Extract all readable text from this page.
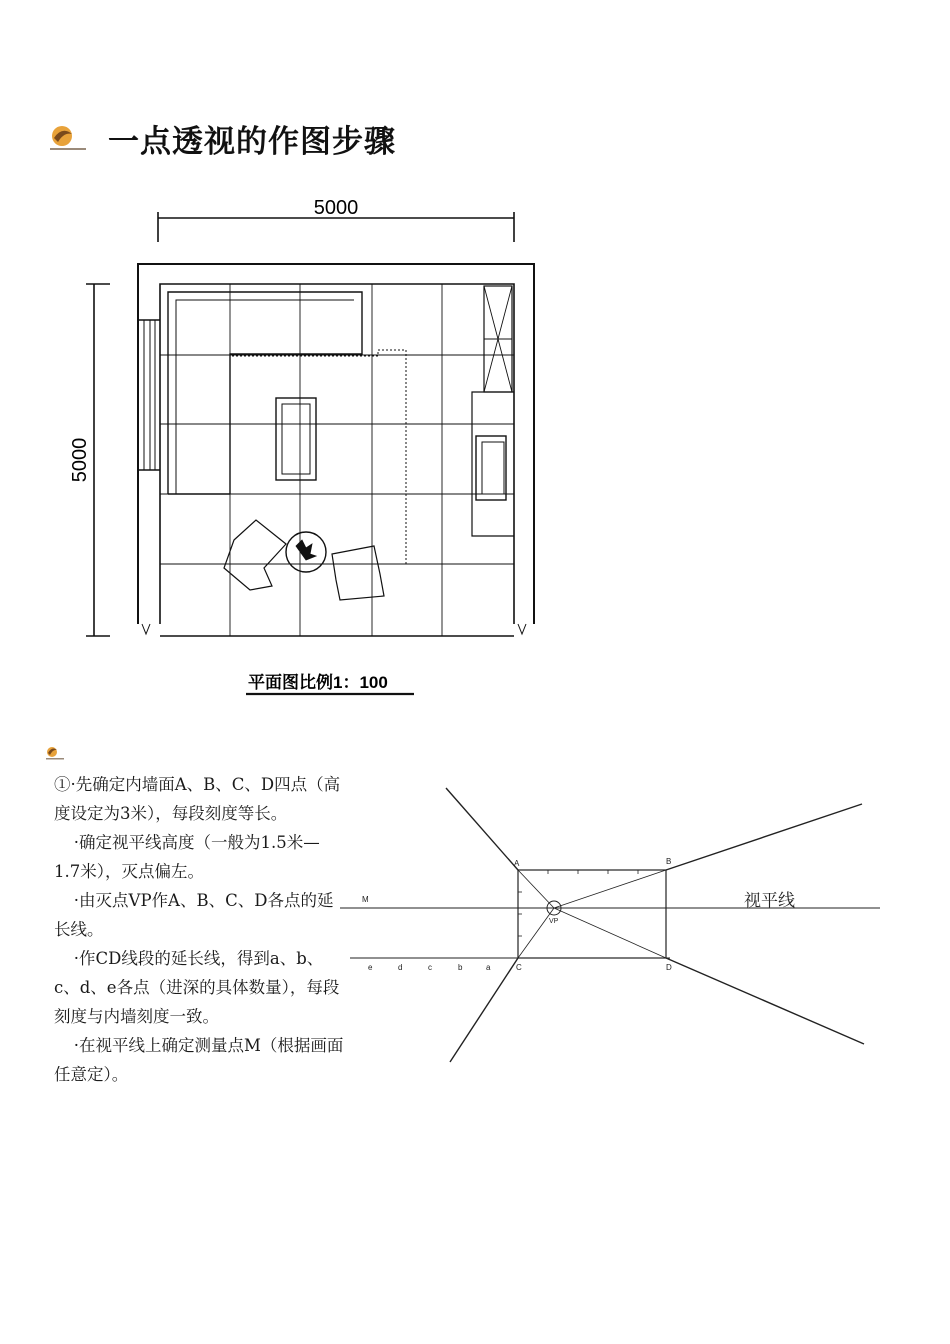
一点透视的作图步骤
5000
5000
平面图比例1：100

①·先确定内墙面A、B、C、D四点（高度设定为3米），每段刻度等长。

·确定视平线高度（一般为1.5米—1.7米），灭点偏左。

·由灭点VP作A、B、C、D各点的延长线。

·作CD线段的延长线，得到a、b、c、d、e各点（进深的具体数量），每段刻度与内墙刻度一致。

·在视平线上确定测量点M（根据画面任意定）。

A	B
C	D
M
VP
e	d	c	b	a
视平线
